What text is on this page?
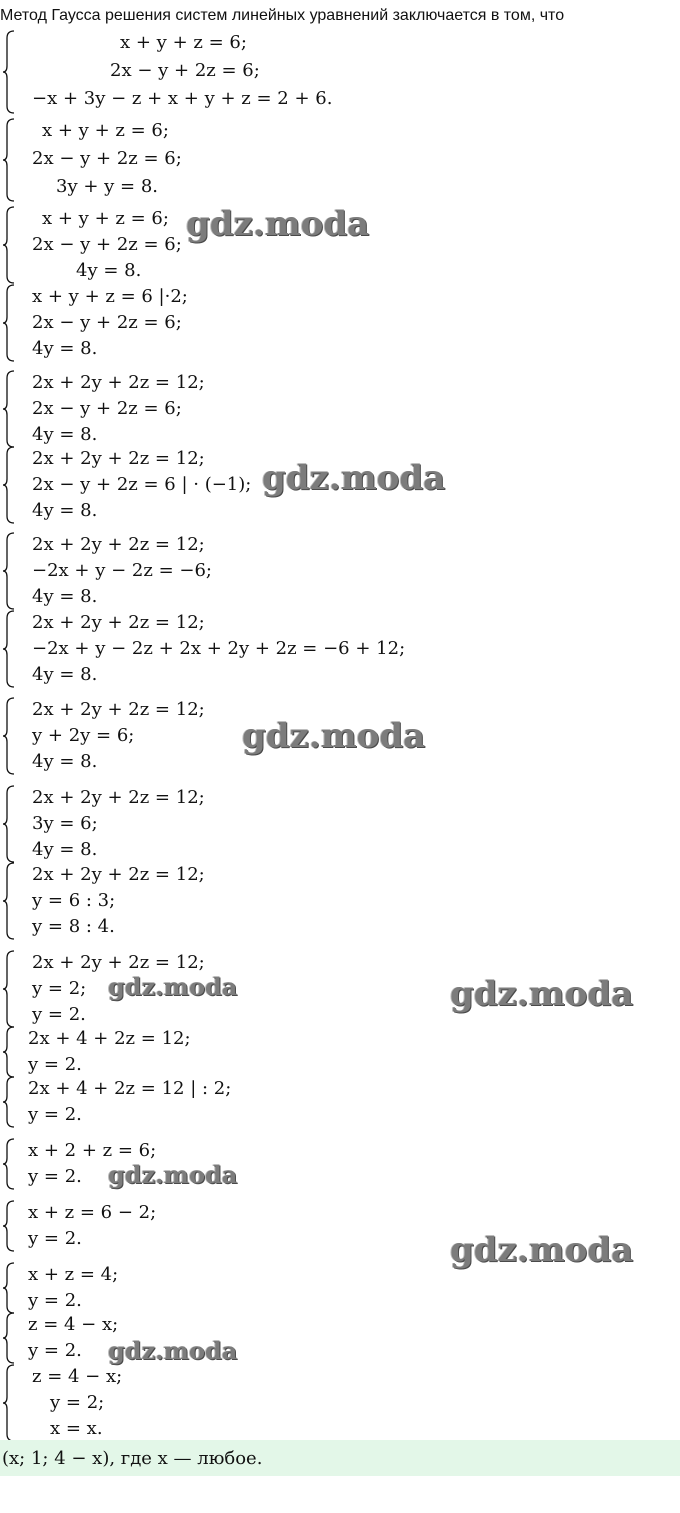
Метод Гаусса решения систем линейных уравнений заключается в том, что
x + y + z = 6;
2x − y + 2z = 6;
−x + 3y − z + x + y + z = 2 + 6.
x + y + z = 6;
2x − y + 2z = 6;
3y + y = 8.
x + y + z = 6;
2x − y + 2z = 6;
4y = 8.
x + y + z = 6 |·2;
2x − y + 2z = 6;
4y = 8.
2x + 2y + 2z = 12;
2x − y + 2z = 6;
4y = 8.
2x + 2y + 2z = 12;
2x − y + 2z = 6 | · (−1);
4y = 8.
2x + 2y + 2z = 12;
−2x + y − 2z = −6;
4y = 8.
2x + 2y + 2z = 12;
−2x + y − 2z + 2x + 2y + 2z = −6 + 12;
4y = 8.
2x + 2y + 2z = 12;
y + 2y = 6;
4y = 8.
2x + 2y + 2z = 12;
3y = 6;
4y = 8.
2x + 2y + 2z = 12;
y = 6 : 3;
y = 8 : 4.
2x + 2y + 2z = 12;
y = 2;
y = 2.
2x + 4 + 2z = 12;
y = 2.
2x + 4 + 2z = 12 | : 2;
y = 2.
x + 2 + z = 6;
y = 2.
x + z = 6 − 2;
y = 2.
x + z = 4;
y = 2.
z = 4 − x;
y = 2.
z = 4 − x;
y = 2;
x = x.
gdz.moda
gdz.moda
gdz.moda
gdz.moda	gdz.moda
gdz.moda
gdz.moda
gdz.moda
(x; 1; 4 − x), где x — любое.
